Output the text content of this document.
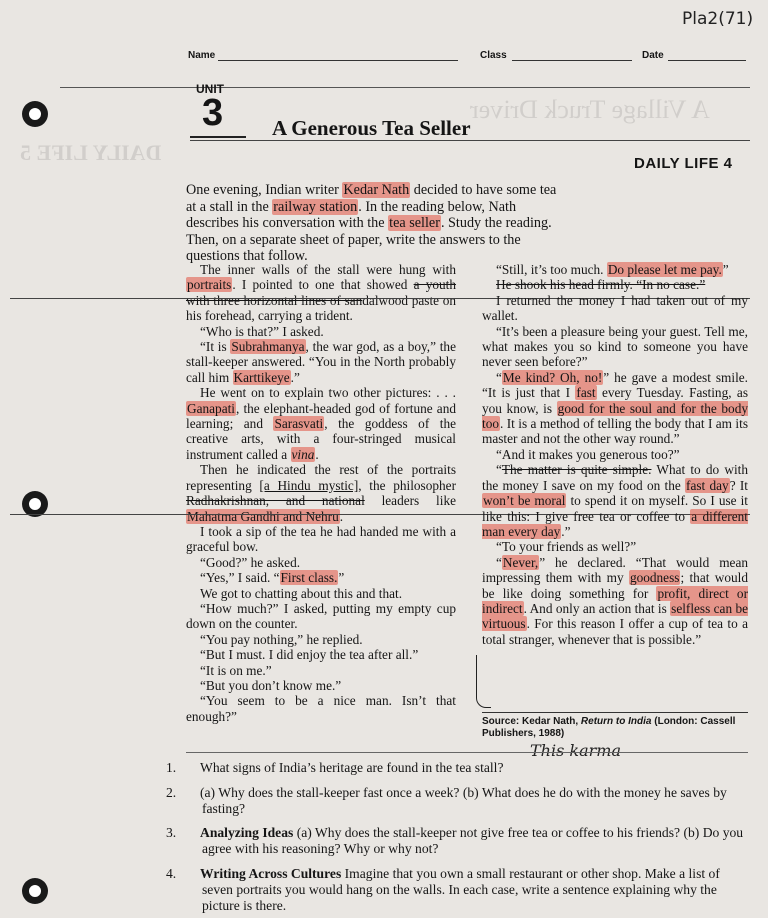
DAILY LIFE 5
A Village Truck Driver
Pla2(71)
Name	Class	Date
UNIT
3 A Generous Tea Seller
DAILY LIFE 4
One evening, Indian writer Kedar Nath decided to have some tea at a stall in the railway station. In the reading below, Nath describes his conversation with the tea seller. Study the reading. Then, on a separate sheet of paper, write the answers to the questions that follow.

The inner walls of the stall were hung with portraits. I pointed to one that showed a youth with three horizontal lines of sandalwood paste on his forehead, carrying a trident.

“Who is that?” I asked.

“It is Subrahmanya, the war god, as a boy,” the stall-keeper answered. “You in the North probably call him Karttikeye.”

He went on to explain two other pictures: . . . Ganapati, the elephant-headed god of fortune and learning; and Sarasvati, the goddess of the creative arts, with a four-stringed musical instrument called a vina.

Then he indicated the rest of the portraits representing [a Hindu mystic], the philosopher Radhakrishnan, and national leaders like Mahatma Gandhi and Nehru.

I took a sip of the tea he had handed me with a graceful bow.

“Good?” he asked.

“Yes,” I said. “First class.”

We got to chatting about this and that.

“How much?” I asked, putting my empty cup down on the counter.

“You pay nothing,” he replied.

“But I must. I did enjoy the tea after all.”

“It is on me.”

“But you don’t know me.”

“You seem to be a nice man. Isn’t that enough?”

“Still, it’s too much. Do please let me pay.”

He shook his head firmly. “In no case.”

I returned the money I had taken out of my wallet.

“It’s been a pleasure being your guest. Tell me, what makes you so kind to someone you have never seen before?”

“Me kind? Oh, no!” he gave a modest smile. “It is just that I fast every Tuesday. Fasting, as you know, is good for the soul and for the body too. It is a method of telling the body that I am its master and not the other way round.”

“And it makes you generous too?”

“The matter is quite simple. What to do with the money I save on my food on the fast day? It won’t be moral to spend it on myself. So I use it like this: I give free tea or coffee to a different man every day.”

“To your friends as well?”

“Never,” he declared. “That would mean impressing them with my goodness; that would be like doing something for profit, direct or indirect. And only an action that is selfless can be virtuous. For this reason I offer a cup of tea to a total stranger, whenever that is possible.”

Source: Kedar Nath, Return to India (London: Cassell Publishers, 1988)
This karma
1. What signs of India’s heritage are found in the tea stall?
2. (a) Why does the stall-keeper fast once a week? (b) What does he do with the money he saves by fasting?
3. Analyzing Ideas (a) Why does the stall-keeper not give free tea or coffee to his friends? (b) Do you agree with his reasoning? Why or why not?
4. Writing Across Cultures Imagine that you own a small restaurant or other shop. Make a list of seven portraits you would hang on the walls. In each case, write a sentence explaining why the picture is there.
